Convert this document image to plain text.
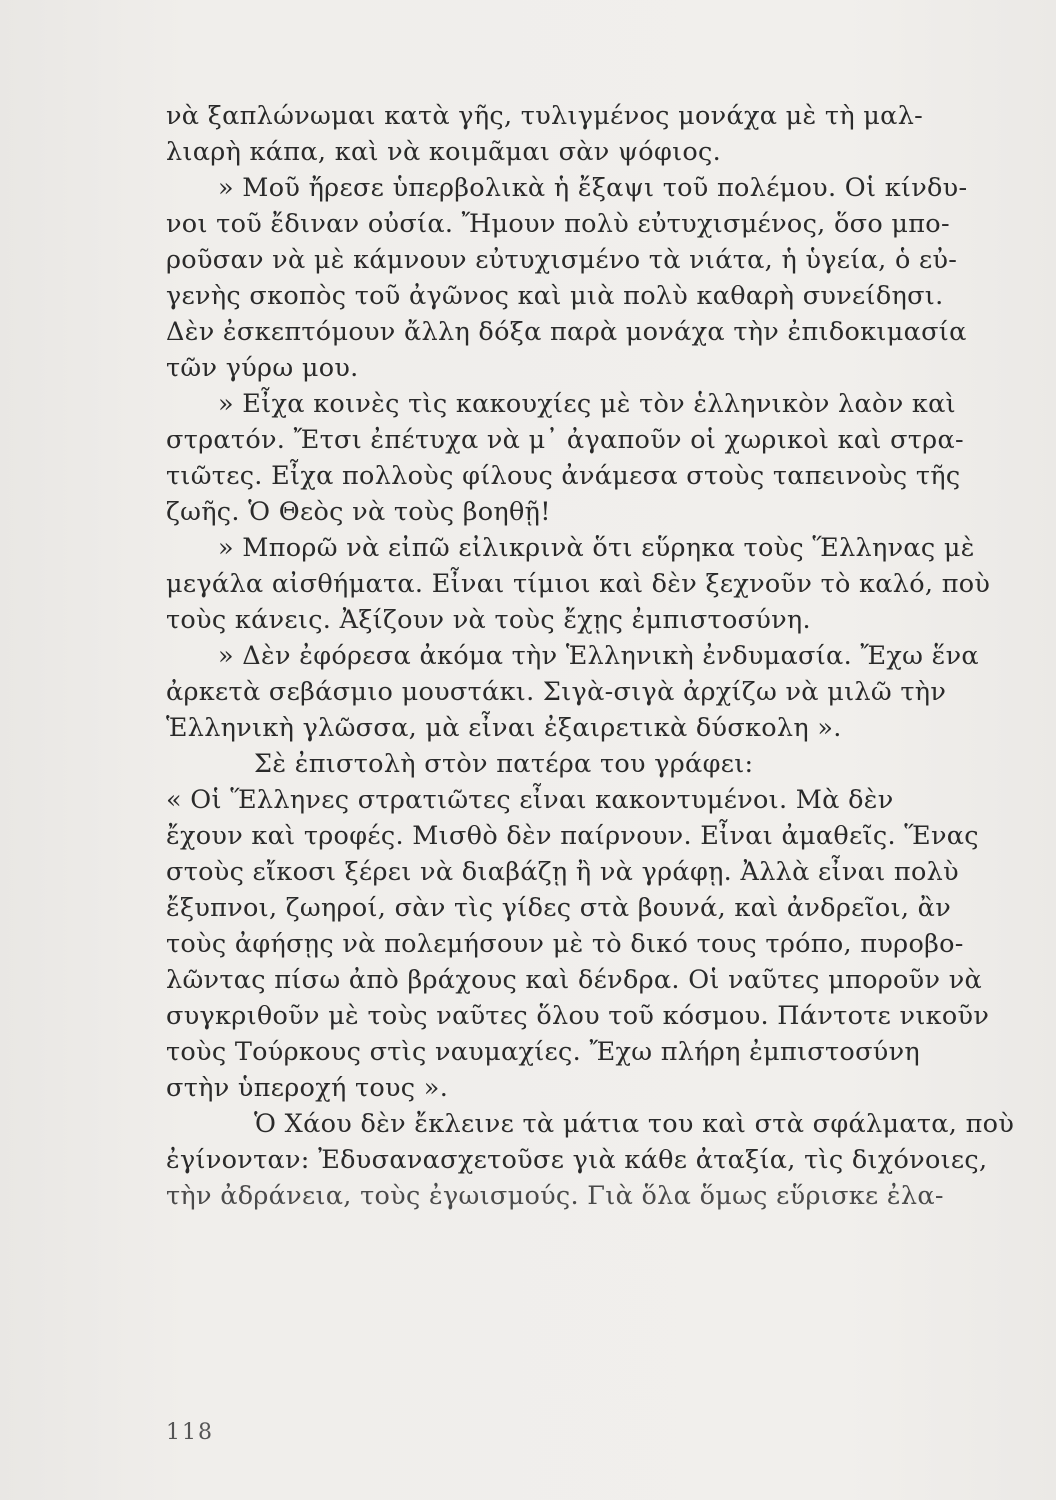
νὰ ξαπλώνωμαι κατὰ γῆς, τυλιγμένος μονάχα μὲ τὴ μαλ-
λιαρὴ κάπα, καὶ νὰ κοιμᾶμαι σὰν ψόφιος.
» Μοῦ ἤρεσε ὑπερβολικὰ ἡ ἔξαψι τοῦ πολέμου. Οἱ κίνδυ-
νοι τοῦ ἔδιναν οὐσία. Ἤμουν πολὺ εὐτυχισμένος, ὅσο μπο-
ροῦσαν νὰ μὲ κάμνουν εὐτυχισμένο τὰ νιάτα, ἡ ὑγεία, ὁ εὐ-
γενὴς σκοπὸς τοῦ ἀγῶνος καὶ μιὰ πολὺ καθαρὴ συνείδησι.
Δὲν ἐσκεπτόμουν ἄλλη δόξα παρὰ μονάχα τὴν ἐπιδοκιμασία
τῶν γύρω μου.
» Εἶχα κοινὲς τὶς κακουχίες μὲ τὸν ἑλληνικὸν λαὸν καὶ
στρατόν. Ἔτσι ἐπέτυχα νὰ μ᾽ ἀγαποῦν οἱ χωρικοὶ καὶ στρα-
τιῶτες. Εἶχα πολλοὺς φίλους ἀνάμεσα στοὺς ταπεινοὺς τῆς
ζωῆς. Ὁ Θεὸς νὰ τοὺς βοηθῇ!
» Μπορῶ νὰ εἰπῶ εἰλικρινὰ ὅτι εὕρηκα τοὺς Ἕλληνας μὲ
μεγάλα αἰσθήματα. Εἶναι τίμιοι καὶ δὲν ξεχνοῦν τὸ καλό, ποὺ
τοὺς κάνεις. Ἀξίζουν νὰ τοὺς ἔχῃς ἐμπιστοσύνη.
» Δὲν ἐφόρεσα ἀκόμα τὴν Ἑλληνικὴ ἐνδυμασία. Ἔχω ἕνα
ἀρκετὰ σεβάσμιο μουστάκι. Σιγὰ-σιγὰ ἀρχίζω νὰ μιλῶ τὴν
Ἑλληνικὴ γλῶσσα, μὰ εἶναι ἐξαιρετικὰ δύσκολη ».
Σὲ ἐπιστολὴ στὸν πατέρα του γράφει:
« Οἱ Ἕλληνες στρατιῶτες εἶναι κακοντυμένοι. Μὰ δὲν
ἔχουν καὶ τροφές. Μισθὸ δὲν παίρνουν. Εἶναι ἀμαθεῖς. Ἕνας
στοὺς εἴκοσι ξέρει νὰ διαβάζῃ ἢ νὰ γράφῃ. Ἀλλὰ εἶναι πολὺ
ἔξυπνοι, ζωηροί, σὰν τὶς γίδες στὰ βουνά, καὶ ἀνδρεῖοι, ἂν
τοὺς ἀφήσῃς νὰ πολεμήσουν μὲ τὸ δικό τους τρόπο, πυροβο-
λῶντας πίσω ἀπὸ βράχους καὶ δένδρα. Οἱ ναῦτες μποροῦν νὰ
συγκριθοῦν μὲ τοὺς ναῦτες ὅλου τοῦ κόσμου. Πάντοτε νικοῦν
τοὺς Τούρκους στὶς ναυμαχίες. Ἔχω πλήρη ἐμπιστοσύνη
στὴν ὑπεροχή τους ».
Ὁ Χάου δὲν ἔκλεινε τὰ μάτια του καὶ στὰ σφάλματα, ποὺ
ἐγίνονταν: Ἐδυσανασχετοῦσε γιὰ κάθε ἀταξία, τὶς διχόνοιες,
τὴν ἀδράνεια, τοὺς ἐγωισμούς. Γιὰ ὅλα ὅμως εὕρισκε ἐλα-
118
